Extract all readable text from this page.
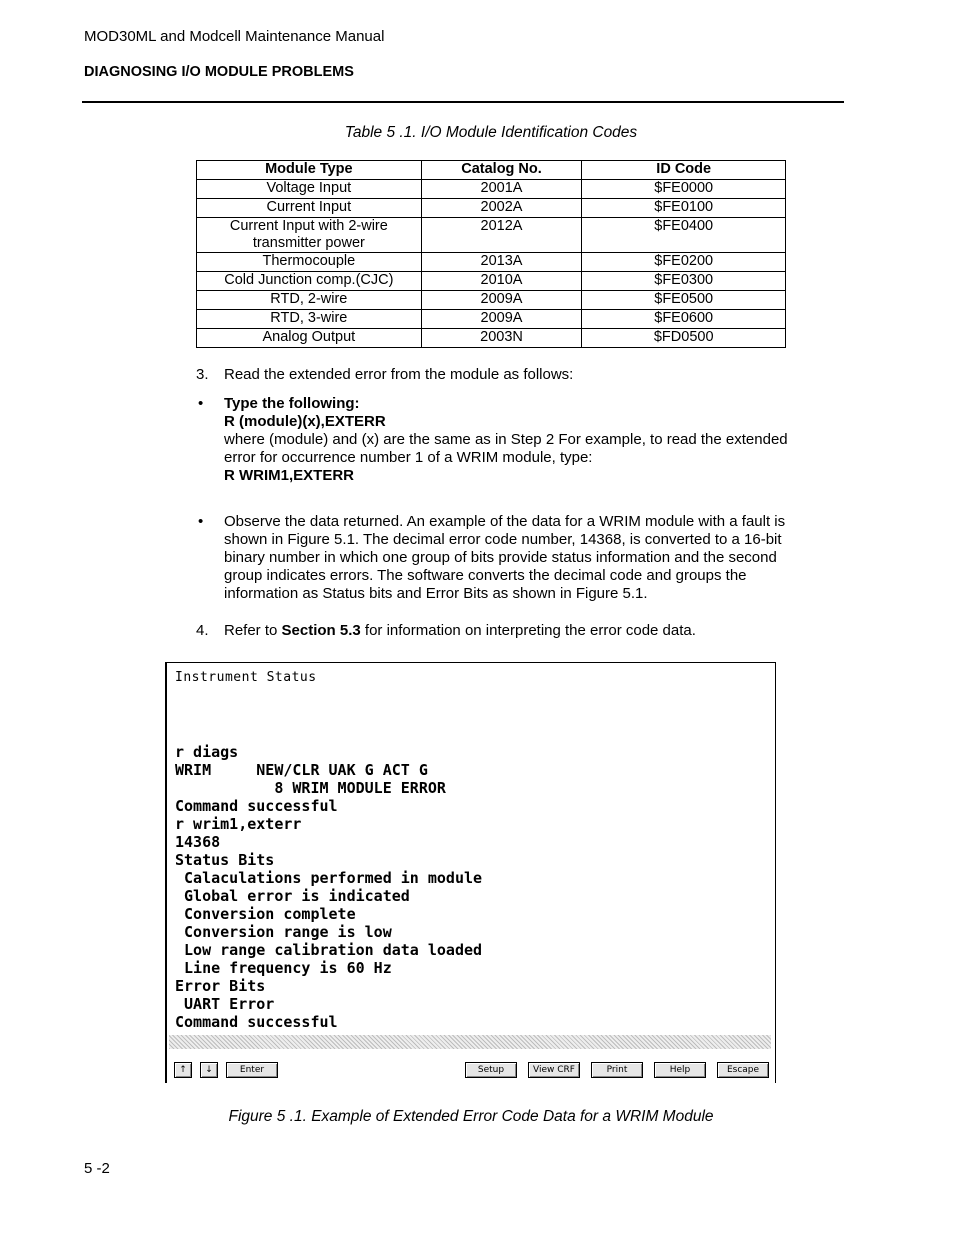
MOD30ML and Modcell Maintenance Manual
DIAGNOSING I/O MODULE PROBLEMS
Table 5 .1. I/O Module Identification Codes
Module Type	Catalog No.	ID Code
Voltage Input	2001A	$FE0000
Current Input	2002A	$FE0100
Current Input with 2-wire transmitter power	2012A	$FE0400
Thermocouple	2013A	$FE0200
Cold Junction comp.(CJC)	2010A	$FE0300
RTD, 2-wire	2009A	$FE0500
RTD, 3-wire	2009A	$FE0600
Analog Output	2003N	$FD0500
3. Read the extended error from the module as follows:
• Type the following:
R (module)(x),EXTERR
where (module) and (x) are the same as in Step 2 For example, to read the extended error for occurrence number 1 of a WRIM module, type:
R WRIM1,EXTERR
• Observe the data returned. An example of the data for a WRIM module with a fault is shown in Figure 5.1. The decimal error code number, 14368, is converted to a 16-bit binary number in which one group of bits provide status information and the second group indicates errors. The software converts the decimal code and groups the information as Status bits and Error Bits as shown in Figure 5.1.
4. Refer to Section 5.3 for information on interpreting the error code data.
Instrument Status
r diags
WRIM     NEW/CLR UAK G ACT G
8 WRIM MODULE ERROR
Command successful
r wrim1,exterr
14368
Status Bits
Calaculations performed in module
Global error is indicated
Conversion complete
Conversion range is low
Low range calibration data loaded
Line frequency is 60 Hz
Error Bits
UART Error
Command successful
↑	↓	Enter	Setup	View CRF	Print	Help	Escape
Figure 5 .1. Example of Extended Error Code Data for a WRIM Module
5 -2
